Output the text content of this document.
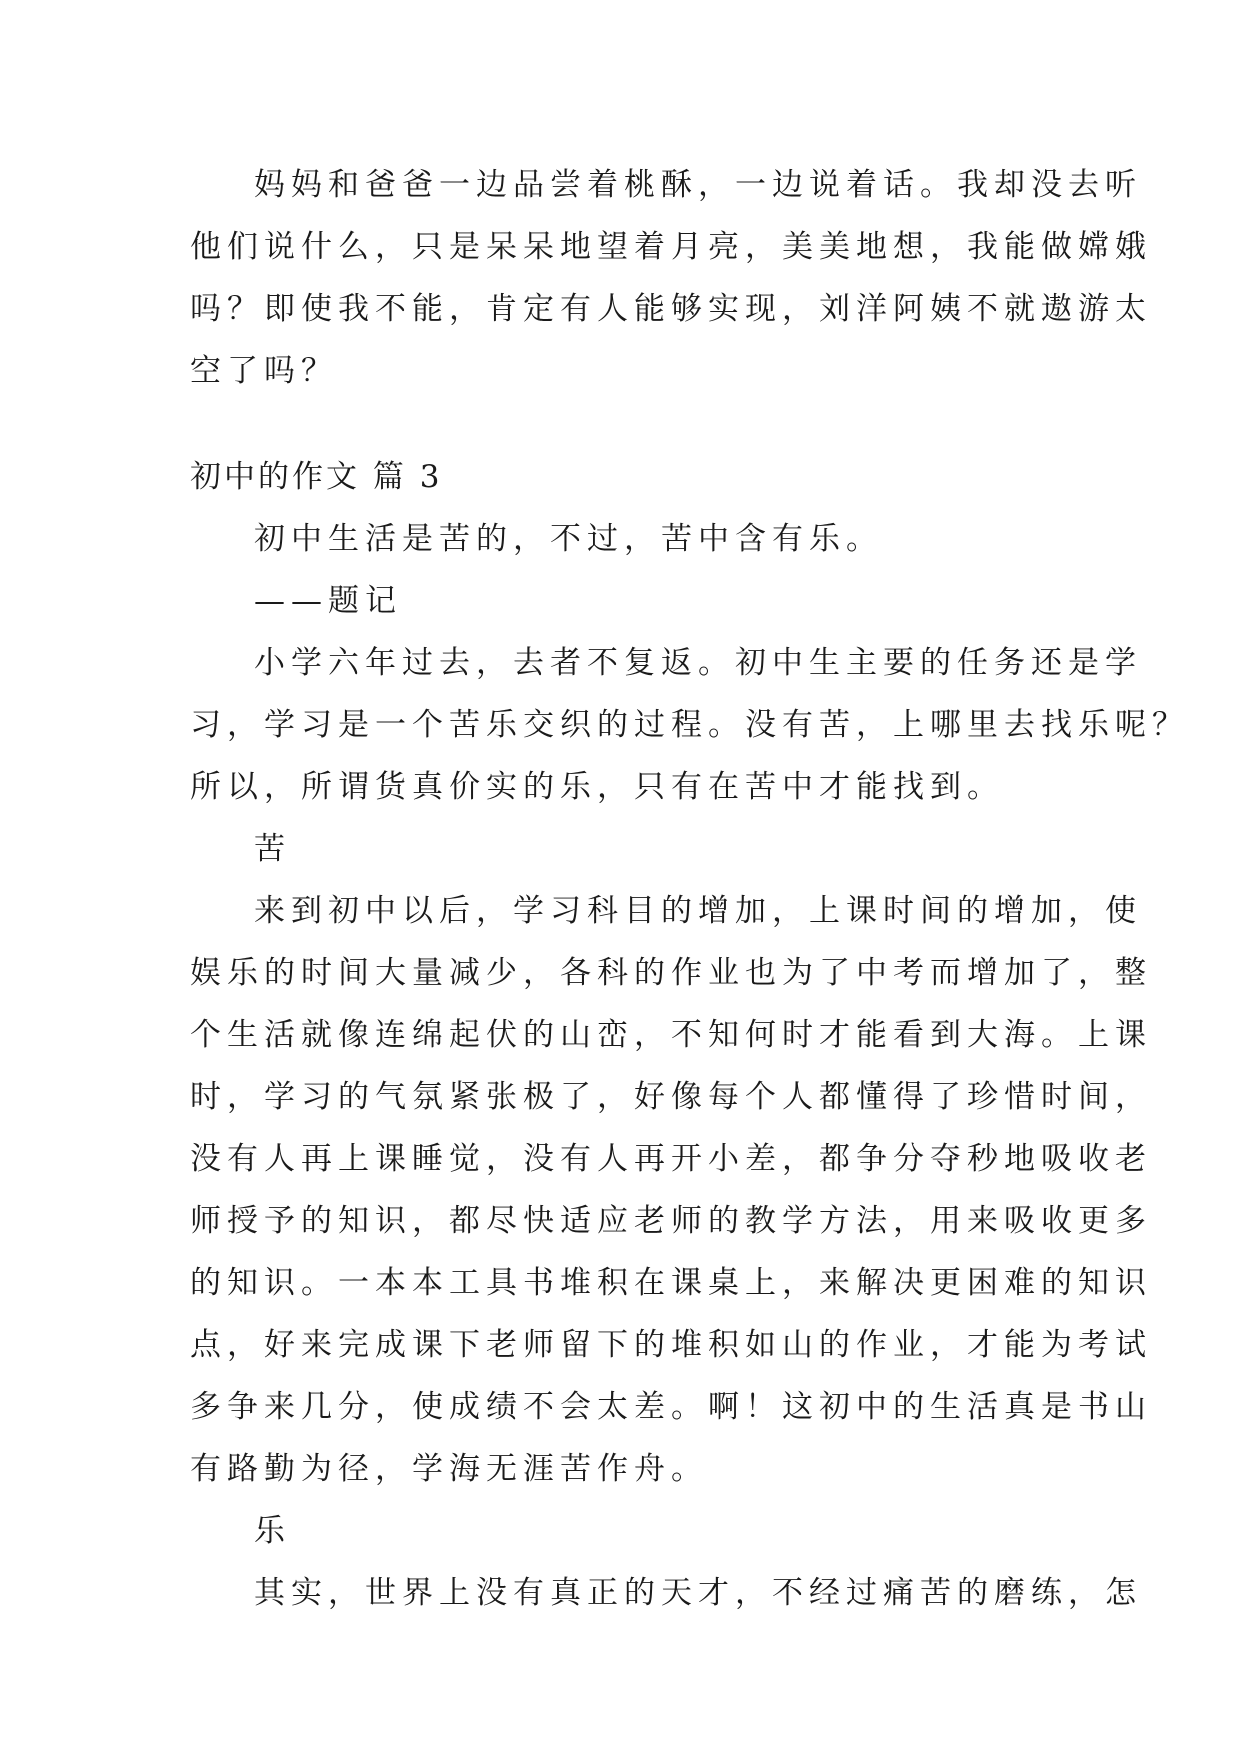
妈妈和爸爸一边品尝着桃酥，一边说着话。我却没去听
他们说什么，只是呆呆地望着月亮，美美地想，我能做嫦娥
吗？即使我不能，肯定有人能够实现，刘洋阿姨不就遨游太
空了吗？
初中的作文 篇 3
初中生活是苦的，不过，苦中含有乐。
——题记
小学六年过去，去者不复返。初中生主要的任务还是学
习，学习是一个苦乐交织的过程。没有苦，上哪里去找乐呢？
所以，所谓货真价实的乐，只有在苦中才能找到。
苦
来到初中以后，学习科目的增加，上课时间的增加，使
娱乐的时间大量减少，各科的作业也为了中考而增加了，整
个生活就像连绵起伏的山峦，不知何时才能看到大海。上课
时，学习的气氛紧张极了，好像每个人都懂得了珍惜时间，
没有人再上课睡觉，没有人再开小差，都争分夺秒地吸收老
师授予的知识，都尽快适应老师的教学方法，用来吸收更多
的知识。一本本工具书堆积在课桌上，来解决更困难的知识
点，好来完成课下老师留下的堆积如山的作业，才能为考试
多争来几分，使成绩不会太差。啊！这初中的生活真是书山
有路勤为径，学海无涯苦作舟。
乐
其实，世界上没有真正的天才，不经过痛苦的磨练，怎
